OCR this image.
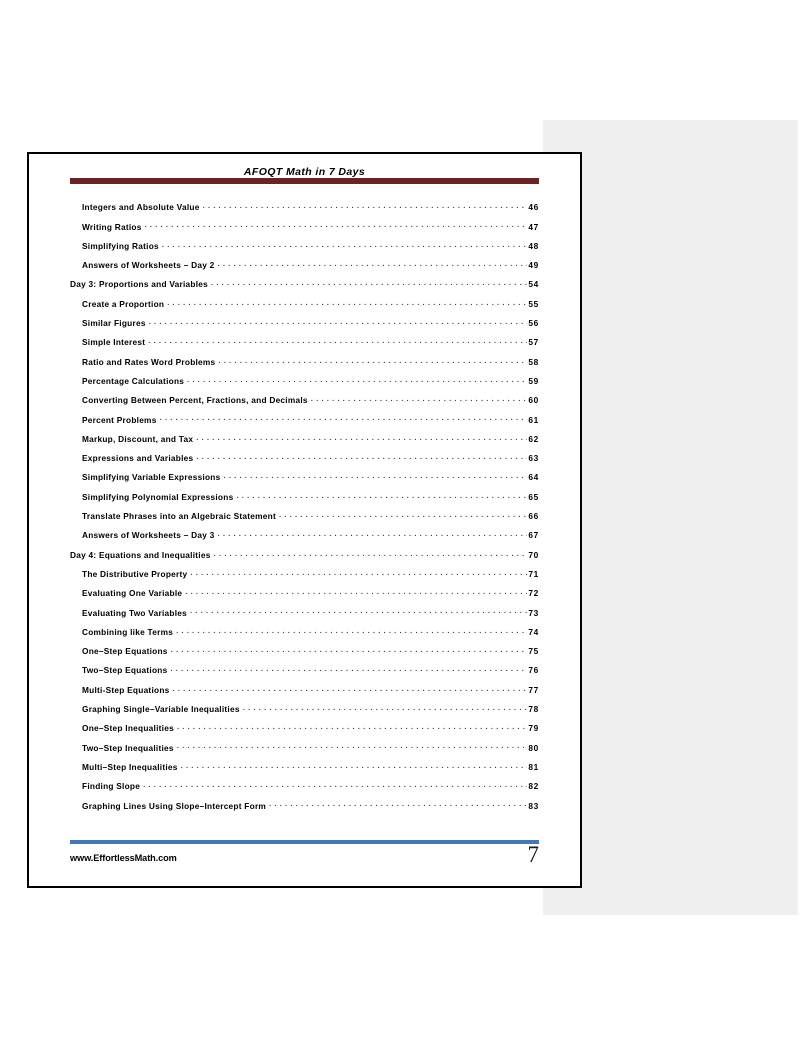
AFOQT Math in 7 Days
Integers and Absolute Value . . .	46
Writing Ratios . . .	47
Simplifying Ratios . . .	48
Answers of Worksheets – Day 2 . . .	49
Day 3: Proportions and Variables . . .	54
Create a Proportion . . .	55
Similar Figures . . .	56
Simple Interest . . .	57
Ratio and Rates Word Problems . . .	58
Percentage Calculations . . .	59
Converting Between Percent, Fractions, and Decimals . . .	60
Percent Problems . . .	61
Markup, Discount, and Tax . . .	62
Expressions and Variables . . .	63
Simplifying Variable Expressions . . .	64
Simplifying Polynomial Expressions . . .	65
Translate Phrases into an Algebraic Statement . . .	66
Answers of Worksheets – Day 3 . . .	67
Day 4: Equations and Inequalities . . .	70
The Distributive Property . . .	71
Evaluating One Variable . . .	72
Evaluating Two Variables . . .	73
Combining like Terms . . .	74
One–Step Equations . . .	75
Two–Step Equations . . .	76
Multi-Step Equations . . .	77
Graphing Single–Variable Inequalities . . .	78
One–Step Inequalities . . .	79
Two–Step Inequalities . . .	80
Multi–Step Inequalities . . .	81
Finding Slope . . .	82
Graphing Lines Using Slope–Intercept Form . . .	83
www.EffortlessMath.com	7
